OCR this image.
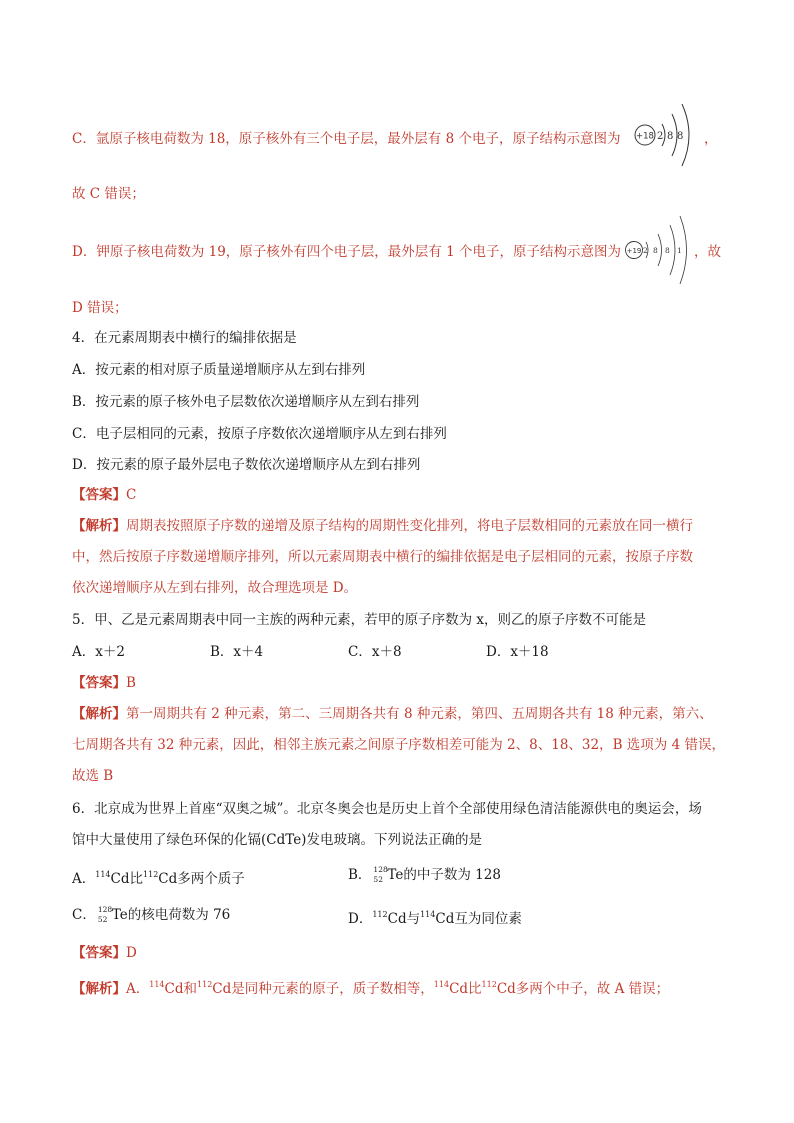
C．氩原子核电荷数为 18，原子核外有三个电子层，最外层有 8 个电子，原子结构示意图为 +18 2 8 8 ，
故 C 错误；
D．钾原子核电荷数为 19，原子核外有四个电子层，最外层有 1 个电子，原子结构示意图为 +19 2 8 8 1 ，故
D 错误；
4．在元素周期表中横行的编排依据是
A．按元素的相对原子质量递增顺序从左到右排列
B．按元素的原子核外电子层数依次递增顺序从左到右排列
C．电子层相同的元素，按原子序数依次递增顺序从左到右排列
D．按元素的原子最外层电子数依次递增顺序从左到右排列
【答案】C
【解析】周期表按照原子序数的递增及原子结构的周期性变化排列，将电子层数相同的元素放在同一横行
中，然后按原子序数递增顺序排列，所以元素周期表中横行的编排依据是电子层相同的元素，按原子序数
依次递增顺序从左到右排列，故合理选项是 D。
5．甲、乙是元素周期表中同一主族的两种元素，若甲的原子序数为 x，则乙的原子序数不可能是
A．x＋2	B．x＋4	C．x＋8	D．x＋18
【答案】B
【解析】第一周期共有 2 种元素，第二、三周期各共有 8 种元素，第四、五周期各共有 18 种元素，第六、
七周期各共有 32 种元素，因此，相邻主族元素之间原子序数相差可能为 2、8、18、32，B 选项为 4 错误，
故选 B
6．北京成为世界上首座“双奥之城”。北京冬奥会也是历史上首个全部使用绿色清洁能源供电的奥运会，场
馆中大量使用了绿色环保的化镉(CdTe)发电玻璃。下列说法正确的是
A．$^{114}$Cd比$^{112}$Cd多两个质子	B． 128
52 Te的中子数为 128
C． 128
52 Te的核电荷数为 76	D．$^{112}$Cd与$^{114}$Cd互为同位素
【答案】D
【解析】A．$^{114}$Cd和$^{112}$Cd是同种元素的原子，质子数相等，$^{114}$Cd比$^{112}$Cd多两个中子，故 A 错误；
